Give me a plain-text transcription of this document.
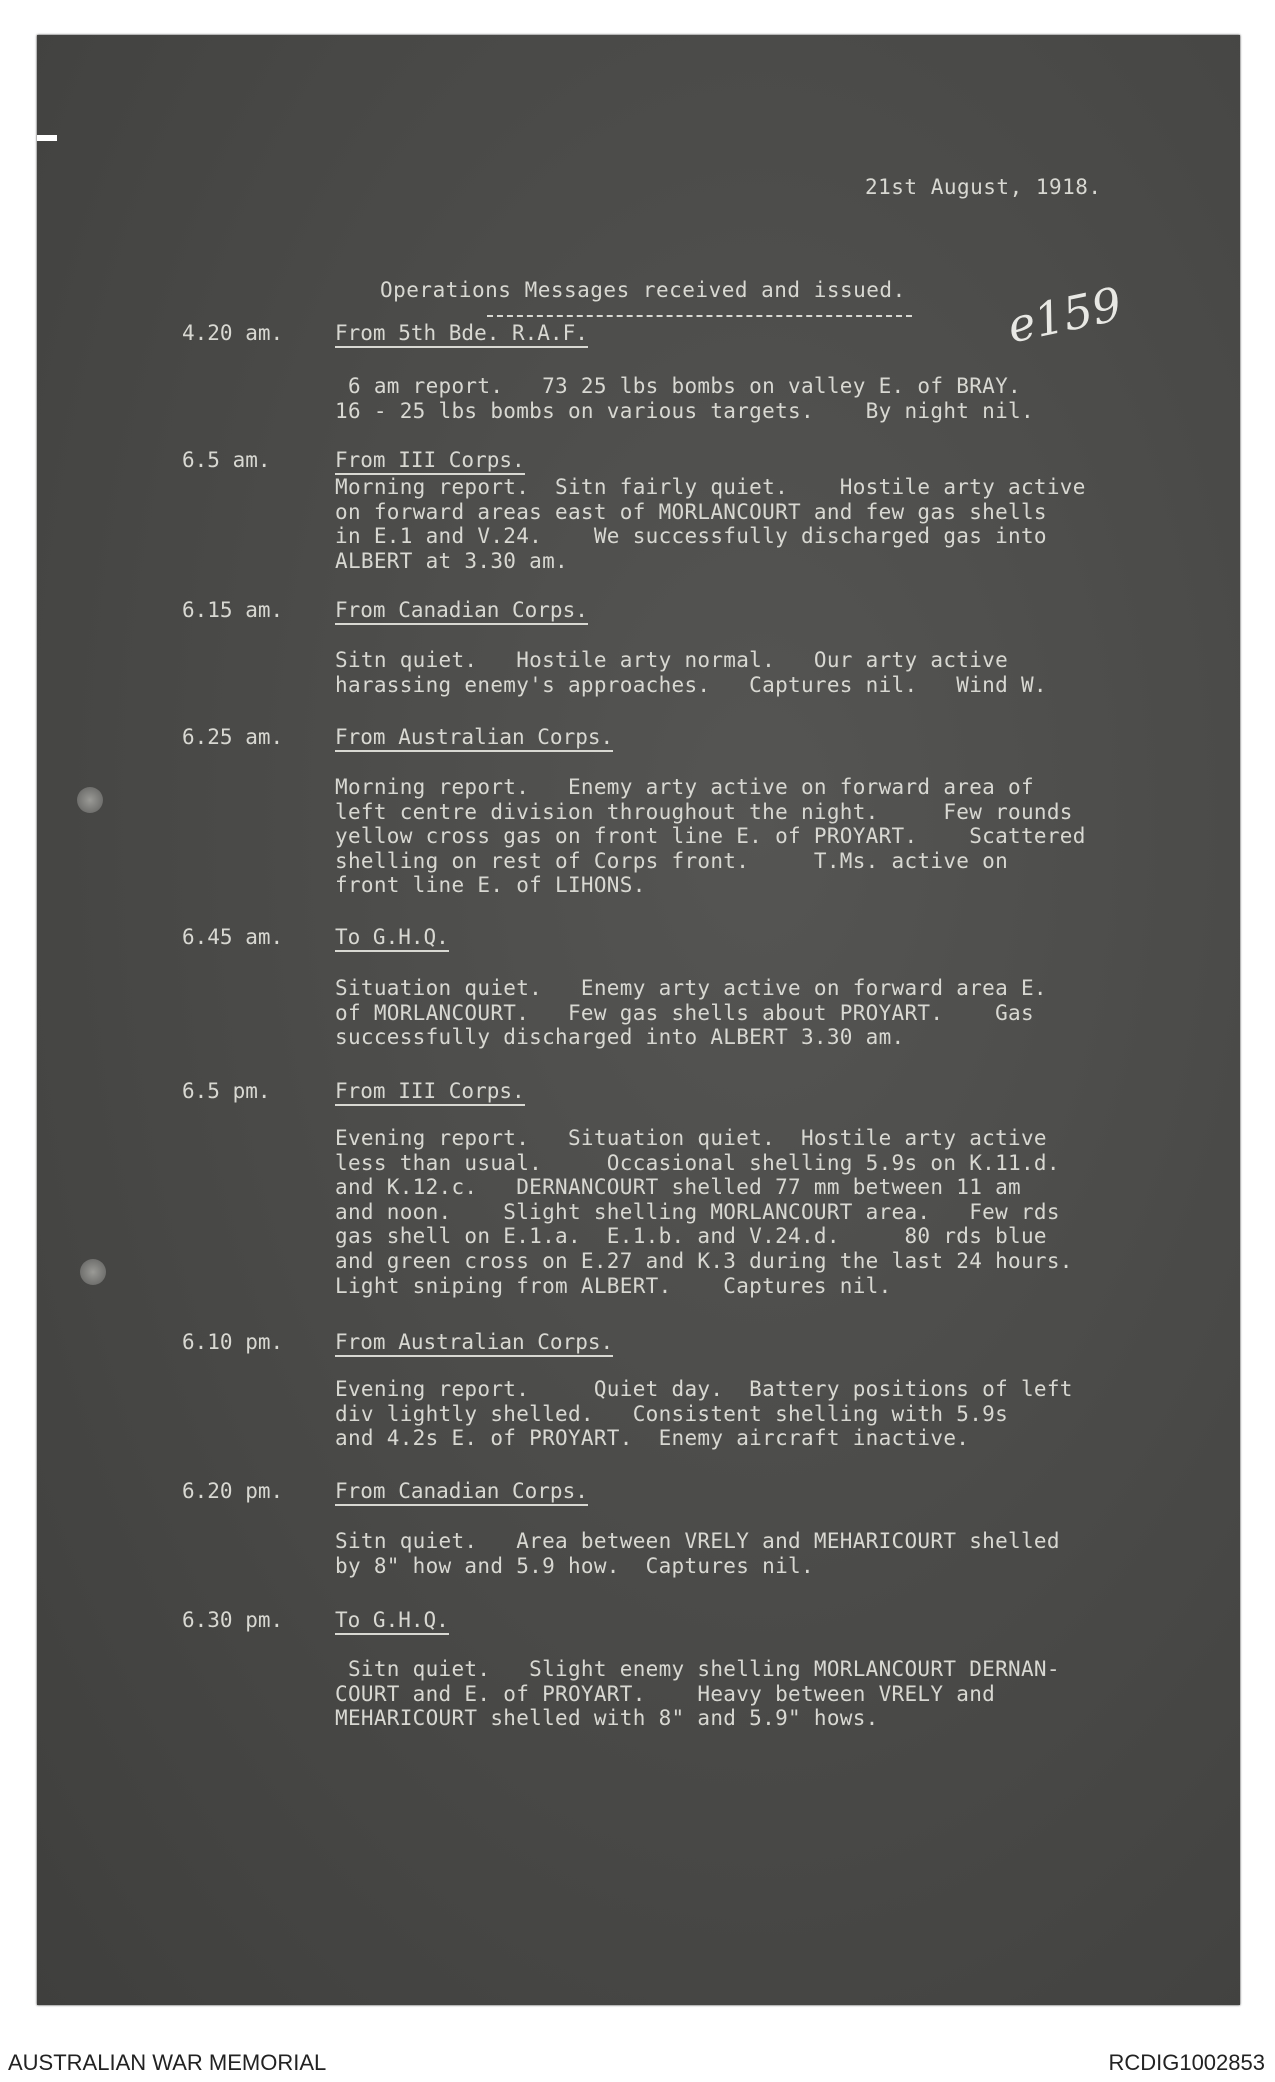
21st August, 1918.
Operations Messages received and issued. e159
4.20 am. From 5th Bde. R.A.F.
6 am report.   73 25 lbs bombs on valley E. of BRAY.
16 - 25 lbs bombs on various targets.    By night nil.
6.5 am.	From III Corps.
Morning report.  Sitn fairly quiet.    Hostile arty active
on forward areas east of MORLANCOURT and few gas shells
in E.1 and V.24.    We successfully discharged gas into
ALBERT at 3.30 am.
6.15 am. From Canadian Corps.
Sitn quiet.   Hostile arty normal.   Our arty active
harassing enemy's approaches.   Captures nil.   Wind W.
6.25 am. From Australian Corps.
Morning report.   Enemy arty active on forward area of
left centre division throughout the night.     Few rounds
yellow cross gas on front line E. of PROYART.    Scattered
shelling on rest of Corps front.     T.Ms. active on
front line E. of LIHONS.
6.45 am. To G.H.Q.
Situation quiet.   Enemy arty active on forward area E.
of MORLANCOURT.   Few gas shells about PROYART.    Gas
successfully discharged into ALBERT 3.30 am.
6.5 pm.	From III Corps.
Evening report.   Situation quiet.  Hostile arty active
less than usual.     Occasional shelling 5.9s on K.11.d.
and K.12.c.   DERNANCOURT shelled 77 mm between 11 am
and noon.    Slight shelling MORLANCOURT area.   Few rds
gas shell on E.1.a.  E.1.b. and V.24.d.     80 rds blue
and green cross on E.27 and K.3 during the last 24 hours.
Light sniping from ALBERT.    Captures nil.
6.10 pm. From Australian Corps.
Evening report.     Quiet day.  Battery positions of left
div lightly shelled.   Consistent shelling with 5.9s
and 4.2s E. of PROYART.  Enemy aircraft inactive.
6.20 pm. From Canadian Corps.
Sitn quiet.   Area between VRELY and MEHARICOURT shelled
by 8" how and 5.9 how.  Captures nil.
6.30 pm. To G.H.Q.
Sitn quiet.   Slight enemy shelling MORLANCOURT DERNAN-
COURT and E. of PROYART.    Heavy between VRELY and
MEHARICOURT shelled with 8" and 5.9" hows.
AUSTRALIAN WAR MEMORIAL	RCDIG1002853
